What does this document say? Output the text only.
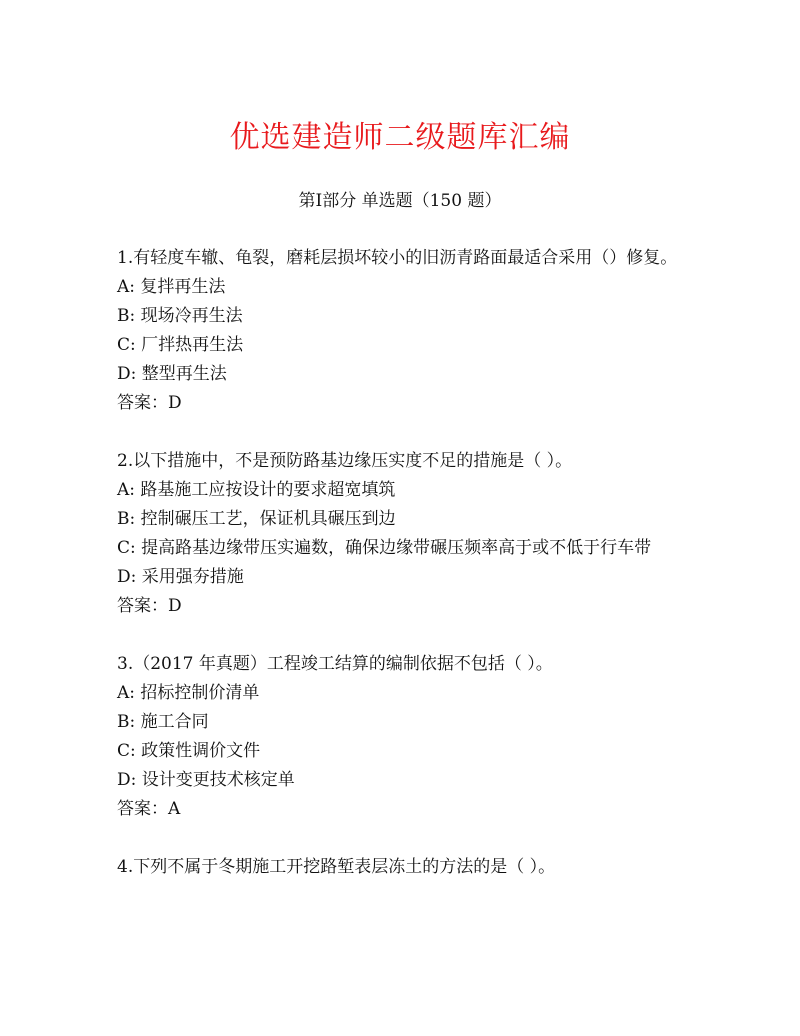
优选建造师二级题库汇编
第Ⅰ部分 单选题（150 题）
1.有轻度车辙、龟裂，磨耗层损坏较小的旧沥青路面最适合采用（）修复。
A: 复拌再生法
B: 现场冷再生法
C: 厂拌热再生法
D: 整型再生法
答案：D
2.以下措施中，不是预防路基边缘压实度不足的措施是（ ）。
A: 路基施工应按设计的要求超宽填筑
B: 控制碾压工艺，保证机具碾压到边
C: 提高路基边缘带压实遍数，确保边缘带碾压频率高于或不低于行车带
D: 采用强夯措施
答案：D
3.（2017 年真题）工程竣工结算的编制依据不包括（ ）。
A: 招标控制价清单
B: 施工合同
C: 政策性调价文件
D: 设计变更技术核定单
答案：A
4.下列不属于冬期施工开挖路堑表层冻土的方法的是（ ）。
